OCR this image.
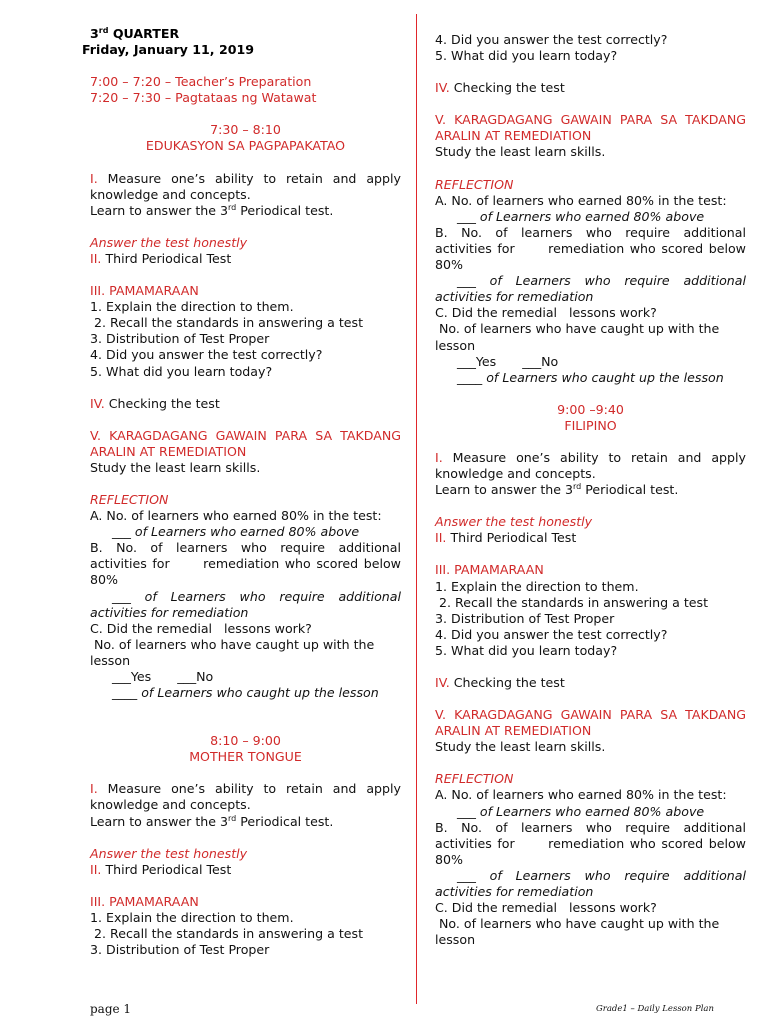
3rd QUARTER
Friday, January 11, 2019
7:00 – 7:20 – Teacher’s Preparation
7:20 – 7:30 – Pagtataas ng Watawat
7:30 – 8:10
EDUKASYON SA PAGPAPAKATAO
I. Measure one’s ability to retain and apply knowledge and concepts.
Learn to answer the 3rd Periodical test.
Answer the test honestly
II. Third Periodical Test
III. PAMAMARAAN
1. Explain the direction to them.
2. Recall the standards in answering a test
3. Distribution of Test Proper
4. Did you answer the test correctly?
5. What did you learn today?
IV. Checking the test
V. KARAGDAGANG GAWAIN PARA SA TAKDANG ARALIN AT REMEDIATION
Study the least learn skills.
REFLECTION
A. No. of learners who earned 80% in the test:
___ of Learners who earned 80% above
B. No. of learners who require additional activities for      remediation who scored below 80%
___ of Learners who require additional activities for remediation
C. Did the remedial   lessons work?
No. of learners who have caught up with the lesson
___Yes ___No
____ of Learners who caught up the lesson
8:10 – 9:00
MOTHER TONGUE
I. Measure one’s ability to retain and apply knowledge and concepts.
Learn to answer the 3rd Periodical test.
Answer the test honestly
II. Third Periodical Test
III. PAMAMARAAN
1. Explain the direction to them.
2. Recall the standards in answering a test
3. Distribution of Test Proper
4. Did you answer the test correctly?
5. What did you learn today?
IV. Checking the test
V. KARAGDAGANG GAWAIN PARA SA TAKDANG ARALIN AT REMEDIATION
Study the least learn skills.
REFLECTION
A. No. of learners who earned 80% in the test:
___ of Learners who earned 80% above
B. No. of learners who require additional activities for      remediation who scored below 80%
___ of Learners who require additional activities for remediation
C. Did the remedial   lessons work?
No. of learners who have caught up with the lesson
___Yes ___No
____ of Learners who caught up the lesson
9:00 –9:40
FILIPINO
I. Measure one’s ability to retain and apply knowledge and concepts.
Learn to answer the 3rd Periodical test.
Answer the test honestly
II. Third Periodical Test
III. PAMAMARAAN
1. Explain the direction to them.
2. Recall the standards in answering a test
3. Distribution of Test Proper
4. Did you answer the test correctly?
5. What did you learn today?
IV. Checking the test
V. KARAGDAGANG GAWAIN PARA SA TAKDANG ARALIN AT REMEDIATION
Study the least learn skills.
REFLECTION
A. No. of learners who earned 80% in the test:
___ of Learners who earned 80% above
B. No. of learners who require additional activities for      remediation who scored below 80%
___ of Learners who require additional activities for remediation
C. Did the remedial   lessons work?
No. of learners who have caught up with the lesson
page 1	Grade1 – Daily Lesson Plan
